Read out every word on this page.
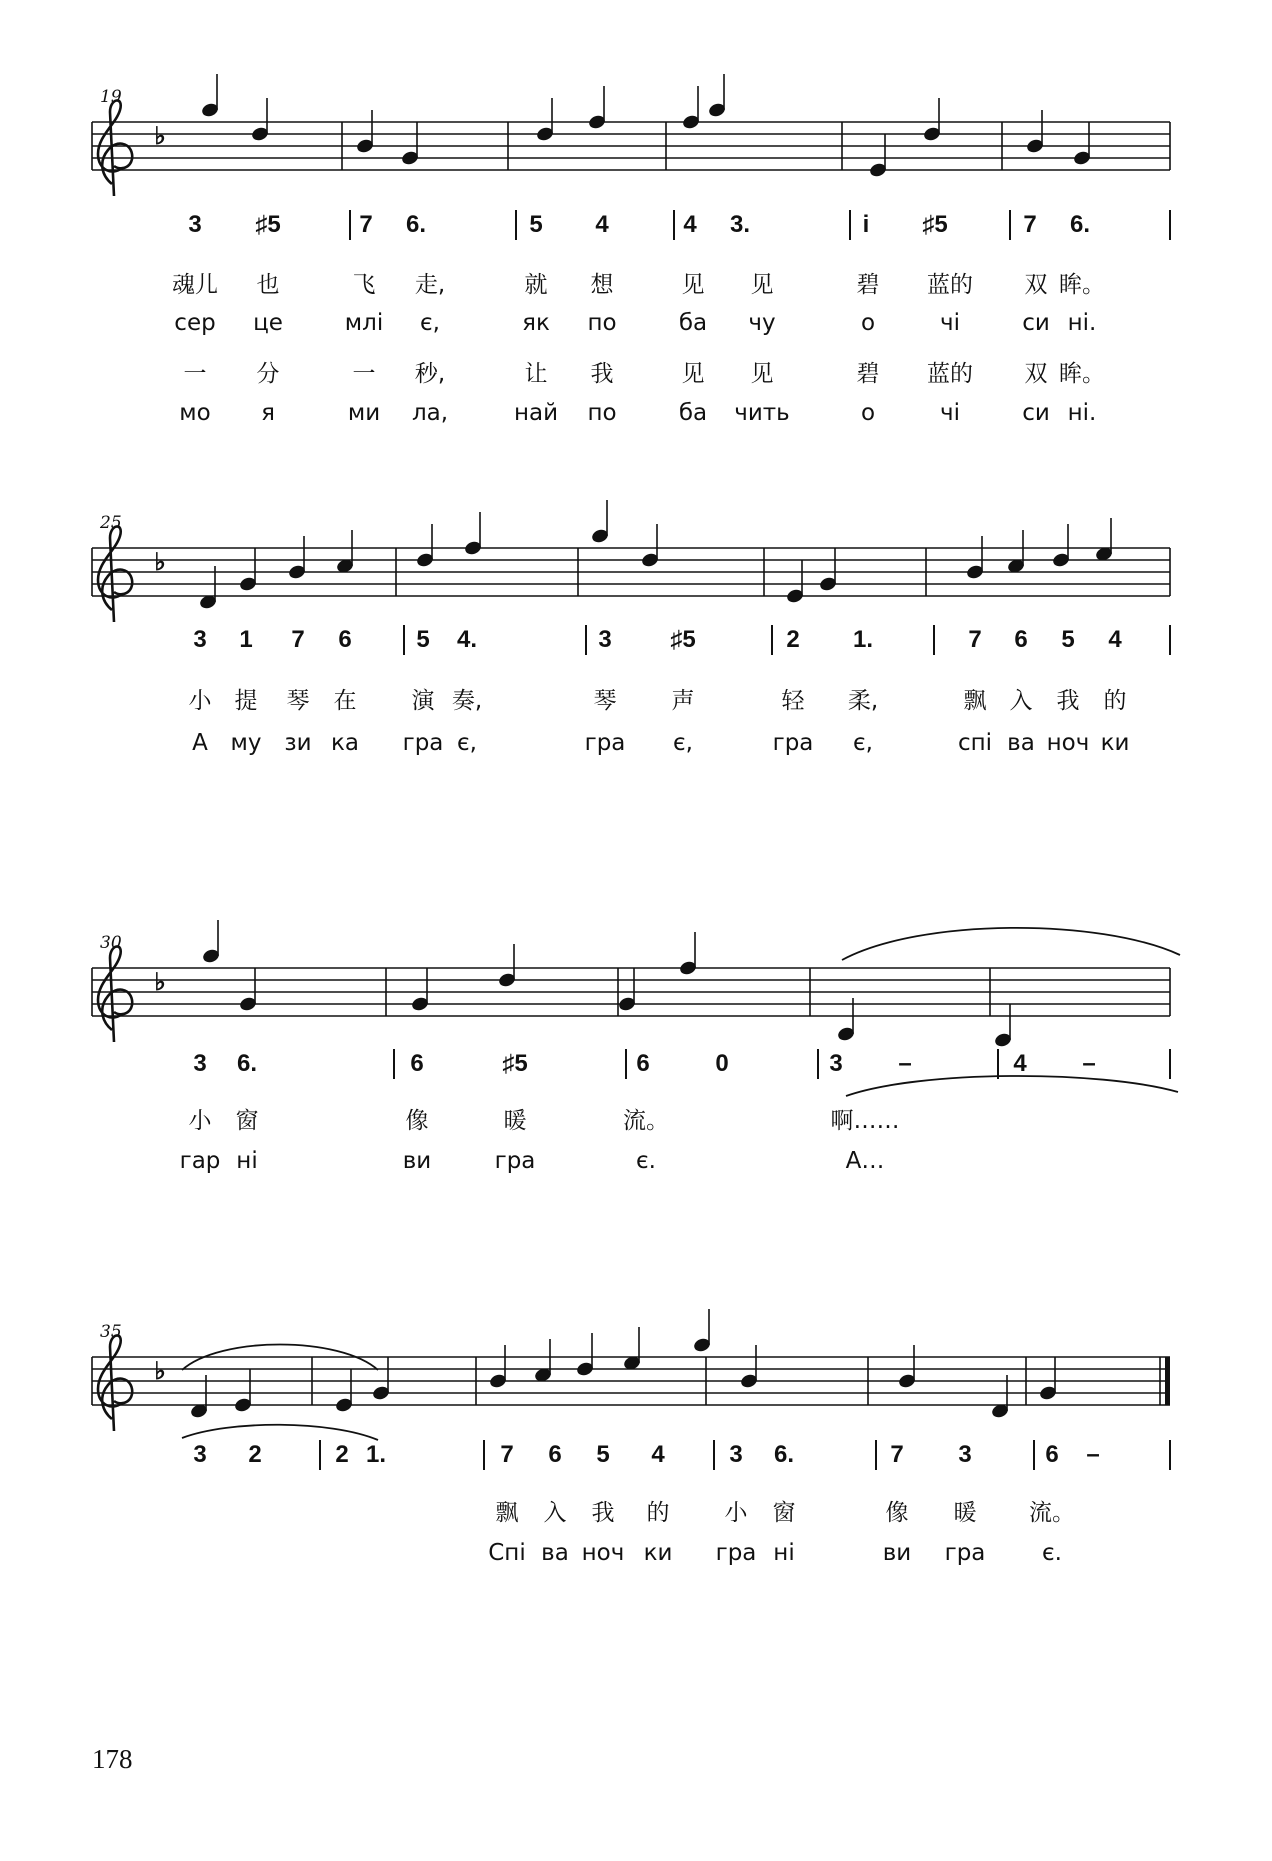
♭
19
3 ♯5	7 6.	5 4	4 3.	i ♯5	7 6.
魂儿 也	飞 走,	就 想	见 见	碧 蓝的 双 眸。
сер це	млі є,	як по	ба чу	о	чі	си ні.
一 分	一 秒,	让 我	见 见	碧 蓝的 双 眸。
мо я	ми ла,	най по	ба чить	о	чі	си ні.
♭
25
3 1 7 6	5 4.	3 ♯5	2 1.	7 6 5 4
小 提 琴 在 演 奏,	琴 声	轻 柔,	飘 入 我 的
А му зи ка гра є,	гра є,	гра є,	спі ва ноч ки
♭
30
3 6.	6	♯5	6	0	3 –	4 –
小 窗	像	暖	流。	啊……
гар ні	ви	гра	є.	А…
♭
35
3 2	2 1.	7 6 5 4	3 6.	7 3	6 –
飘 入 我 的 小 窗	像 暖 流。
Спі ва ноч ки гра ні	ви гра є.
178
